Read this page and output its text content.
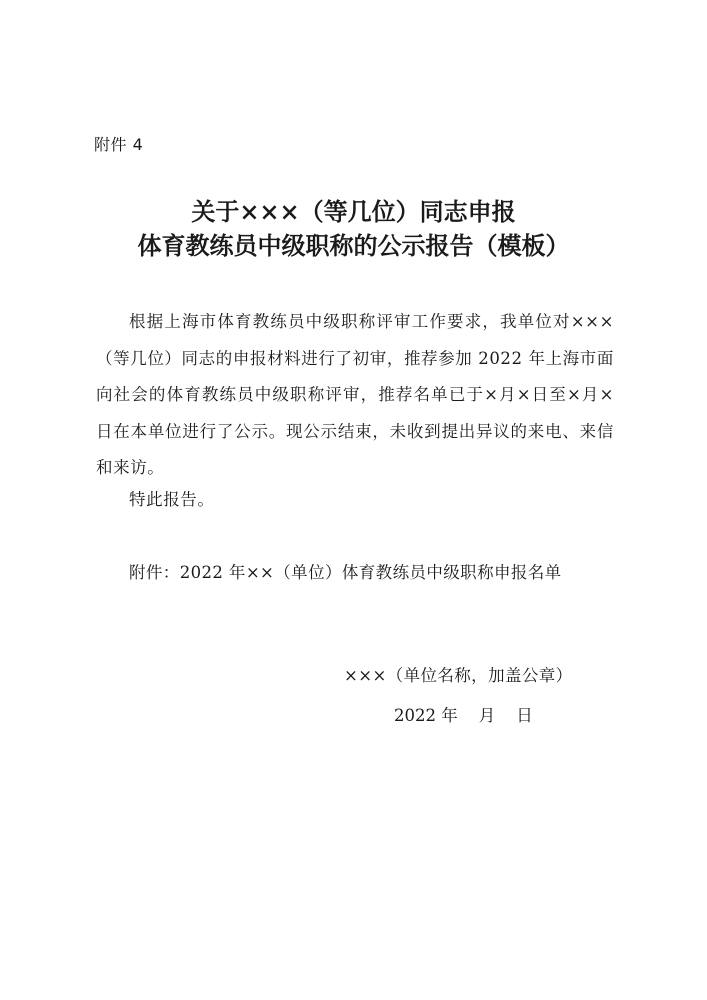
附件 4
关于×××（等几位）同志申报
体育教练员中级职称的公示报告（模板）

根据上海市体育教练员中级职称评审工作要求，我单位对×××（等几位）同志的申报材料进行了初审，推荐参加 2022 年上海市面向社会的体育教练员中级职称评审，推荐名单已于×月×日至×月×日在本单位进行了公示。现公示结束，未收到提出异议的来电、来信和来访。

特此报告。

附件：2022 年××（单位）体育教练员中级职称申报名单

×××（单位名称，加盖公章）

2022 年    月    日
